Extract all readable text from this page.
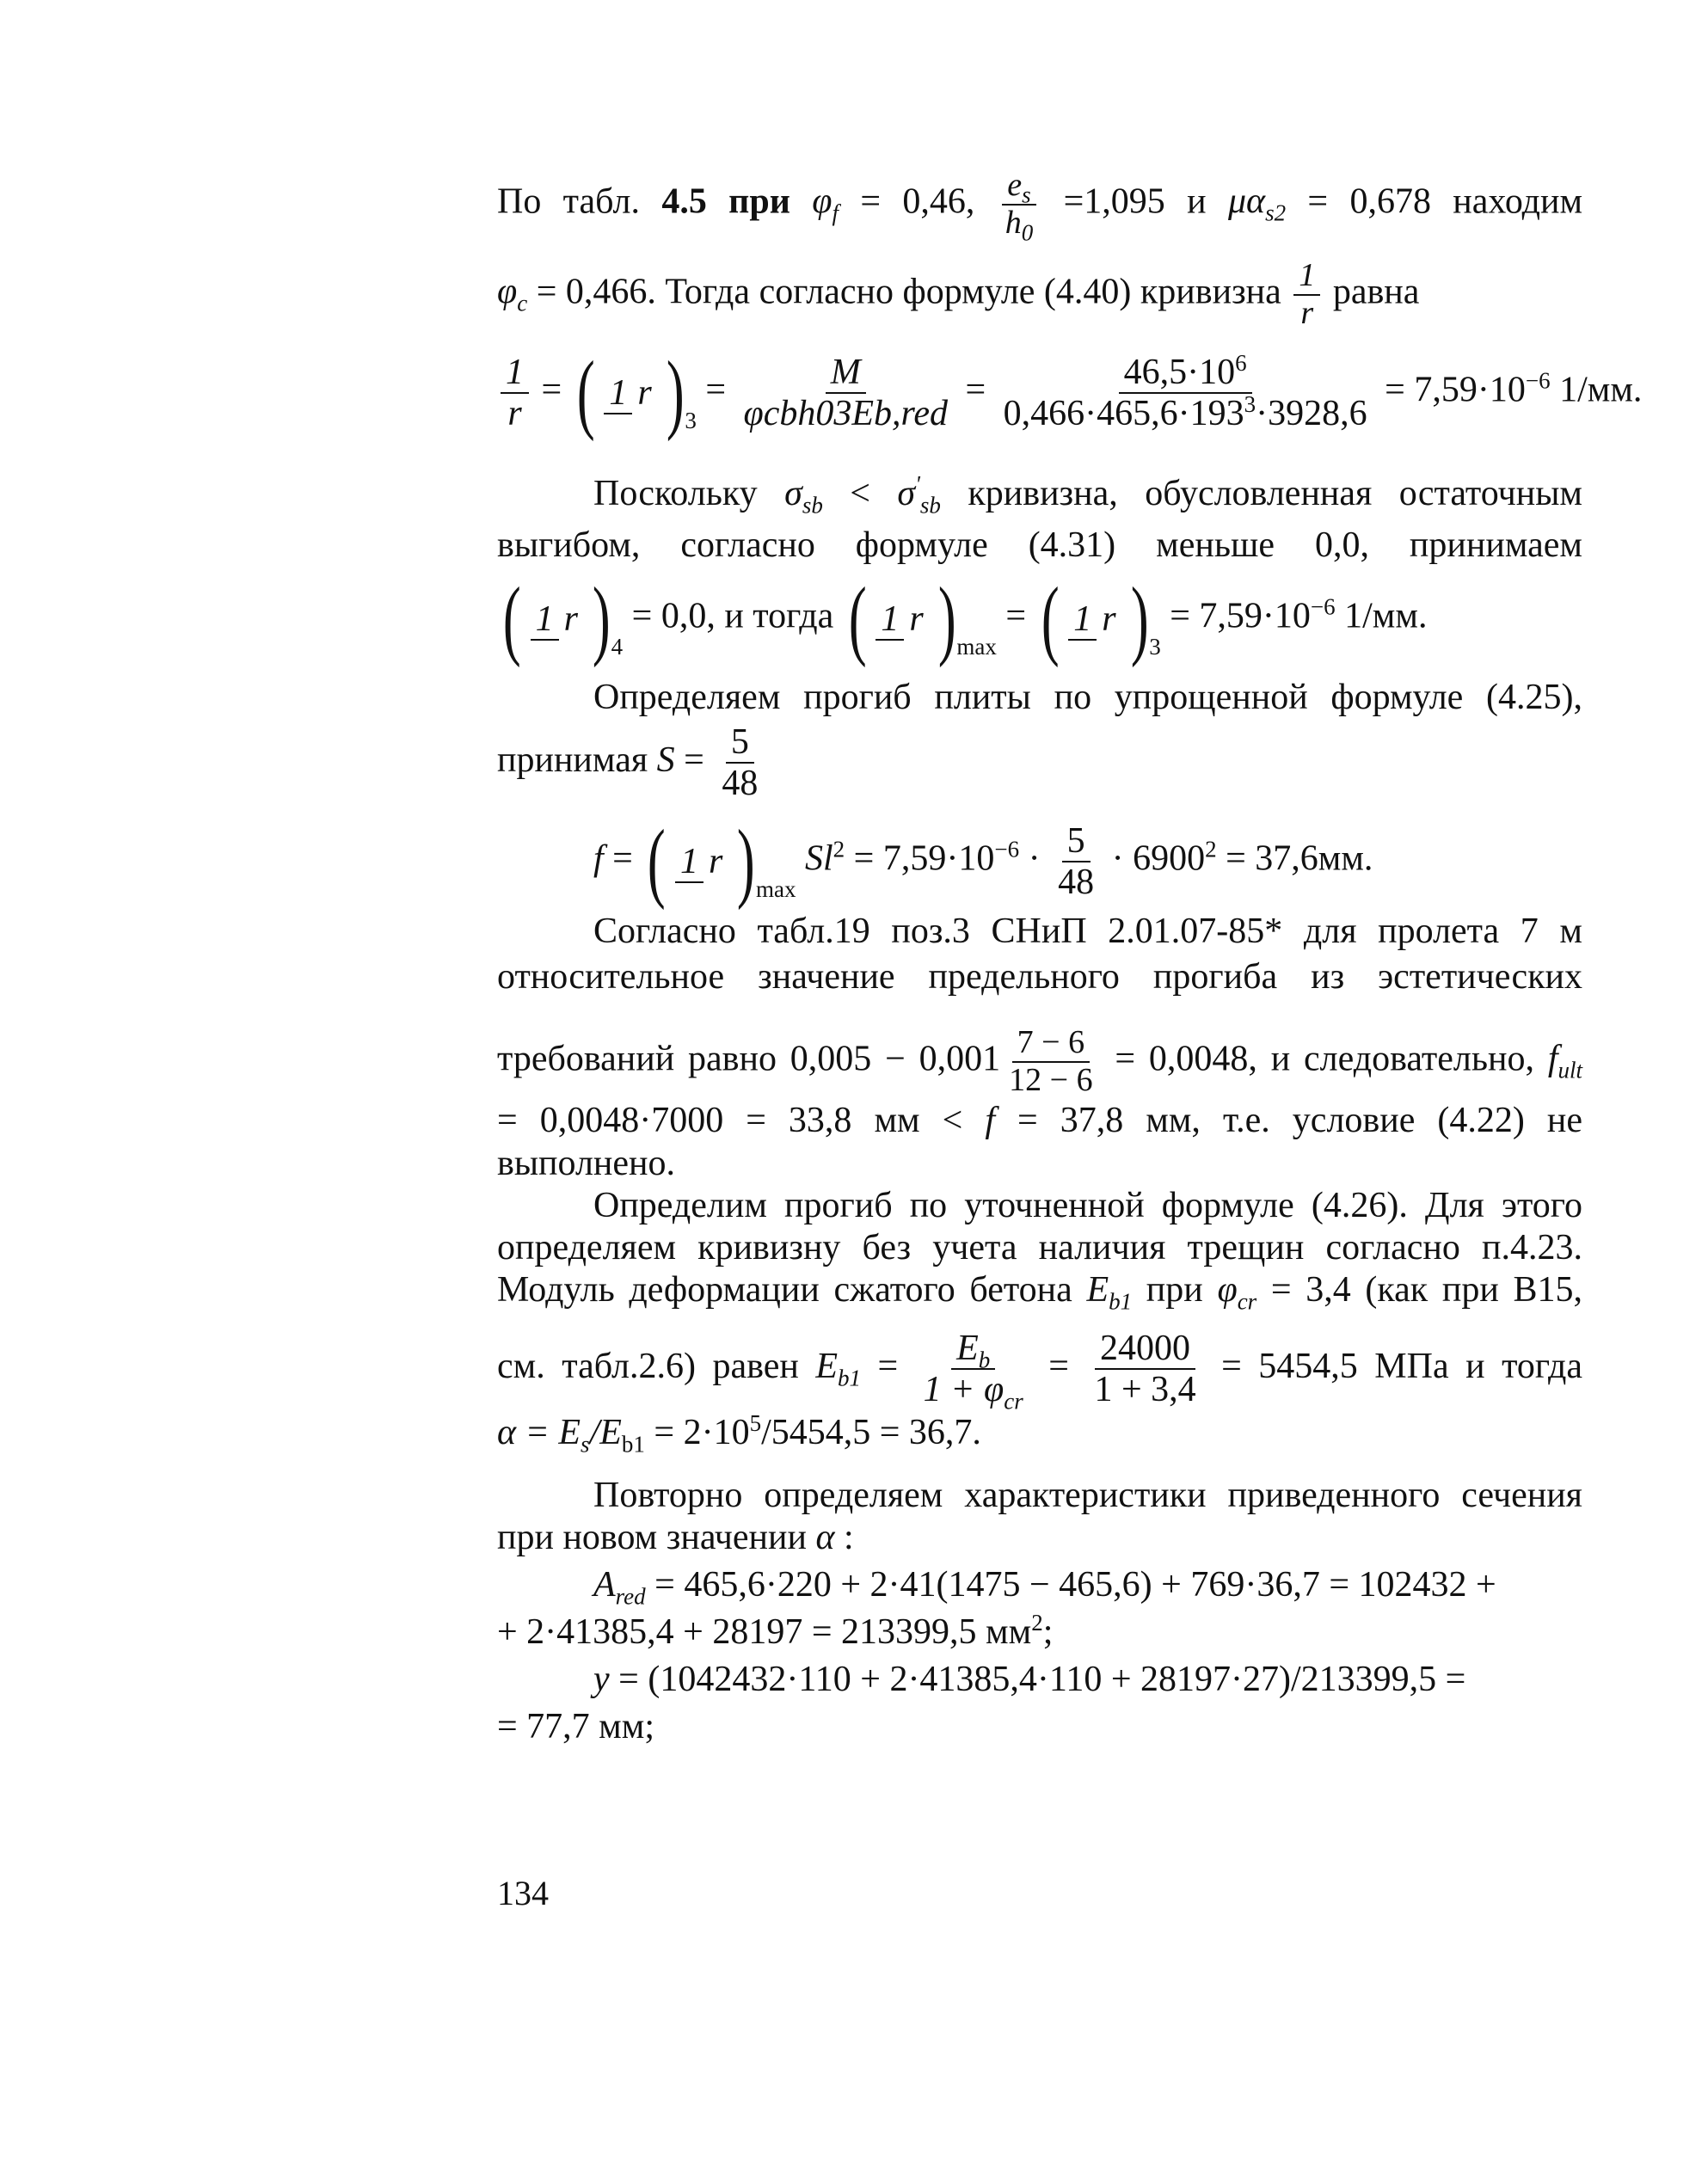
По табл. 4.5 при $\varphi_f = 0,46$, $\frac{e_s}{h_0} =1,095$ и $\mu\alpha_{s2} = 0,678$ находим
$\varphi_c = 0,466$. Тогда согласно формуле (4.40) кривизна $\frac{1}{r}$ равна
$\frac{1}{r}$ = ( 1 r )$3 = \frac{M}{\text{φcbh03Eb,red}} = \frac{46,5\cdot 10^6}{0,466\cdot 465,6\cdot 193^3\cdot 3928,6} = 7,59\cdot 10^{-6}$ 1/мм.
Поскольку $\sigma_{sb} < \sigma'_{sb}$ кривизна, обусловленная остаточным
выгибом, согласно формуле (4.31) меньше 0,0, принимаем
( 1 r )4 = 0,0, и тогда ( 1 r )max = ( 1 r )$3 = 7,59\cdot 10^{-6}$ 1/мм.
Определяем прогиб плиты по упрощенной формуле (4.25),
принимая $S = \frac{5}{48}$
f = ( 1 r )max $Sl^2 = 7,59\cdot 10^{-6} \cdot \frac{5}{48} \cdot 6900^2 = 37,6мм$.
Согласно табл.19 поз.3 СНиП 2.01.07-85* для пролета 7 м
относительное значение предельного прогиба из эстетических
требований равно $0,005 - 0,001 \frac{7 - 6}{12 - 6} = 0,0048$, и следовательно, $f_{ult}$
= 0,0048·7000 = 33,8 мм < f = 37,8 мм, т.е. условие (4.22) не
выполнено.
Определим прогиб по уточненной формуле (4.26). Для этого
определяем кривизну без учета наличия трещин согласно п.4.23.
Модуль деформации сжатого бетона $E_{b1}$ при $\varphi_{cr} = 3,4$ (как при B15,
см. табл.2.6) равен $E_{b1} = \frac{E_b}{1 + \varphi_{cr}} = \frac{24000}{1 + 3,4} = 5454,5$ МПа и тогда
$\alpha = E_s/E_{b1} = 2\cdot 10^5/5454,5 = 36,7$.
Повторно определяем характеристики приведенного сечения
при новом значении α :
$A_{red} = 465,6\cdot 220 + 2\cdot 41(1475 - 465,6) + 769\cdot 36,7 = 102432$ +
+ 2·41385,4 + 28197 = 213399,5 $мм^2$;
y = (1042432·110 + 2·41385,4·110 + 28197·27)/213399,5 =
= 77,7 мм;
134
